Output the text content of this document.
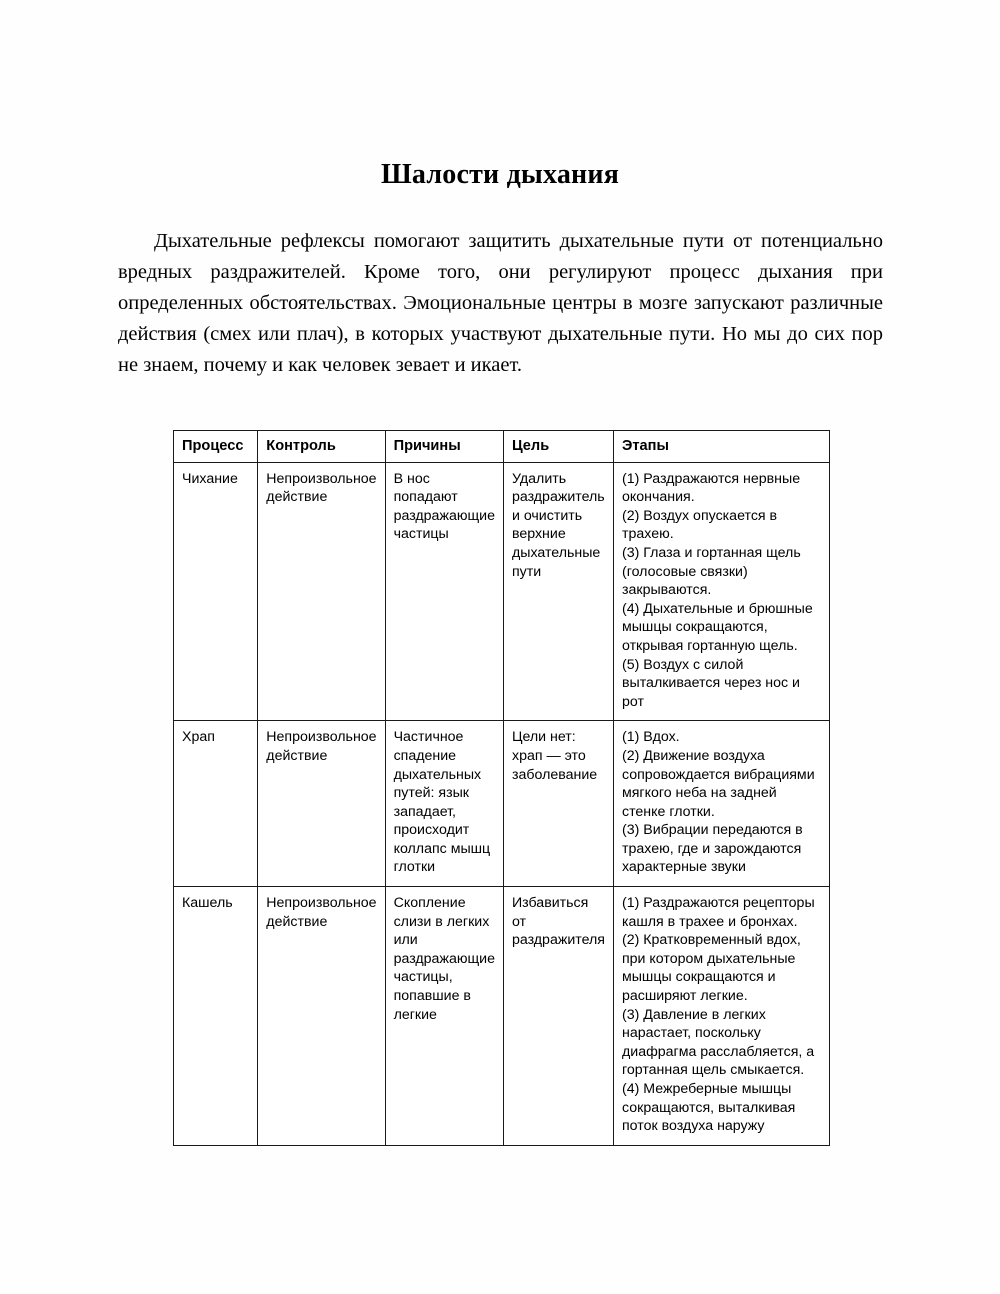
Шалости дыхания

Дыхательные рефлексы помогают защитить дыхательные пути от потенциально вредных раздражителей. Кроме того, они регулируют процесс дыхания при определенных обстоятельствах. Эмоциональные центры в мозге запускают различные действия (смех или плач), в которых участвуют дыхательные пути. Но мы до сих пор не знаем, почему и как человек зевает и икает.

Процесс	Контроль	Причины	Цель	Этапы
Чихание	Непроизвольное действие	В нос попадают раздражающие частицы	Удалить раздражитель и очистить верхние дыхательные пути	(1) Раздражаются нервные окончания.
(2) Воздух опускается в трахею.
(3) Глаза и гортанная щель (голосовые связки) закрываются.
(4) Дыхательные и брюшные мышцы сокращаются, открывая гортанную щель.
(5) Воздух с силой выталкивается через нос и рот

Храп	Непроизвольное действие	Частичное спадение дыхательных путей: язык западает, происходит коллапс мышц глотки	Цели нет: храп — это заболевание	(1) Вдох.
(2) Движение воздуха сопровождается вибрациями мягкого неба на задней стенке глотки.
(3) Вибрации передаются в трахею, где и зарождаются характерные звуки

Кашель	Непроизвольное действие	Скопление слизи в легких или раздражающие частицы, попавшие в легкие	Избавиться от раздражителя	(1) Раздражаются рецепторы кашля в трахее и бронхах.
(2) Кратковременный вдох, при котором дыхательные мышцы сокращаются и расширяют легкие.
(3) Давление в легких нарастает, поскольку диафрагма расслабляется, а гортанная щель смыкается.
(4) Межреберные мышцы сокращаются, выталкивая поток воздуха наружу
